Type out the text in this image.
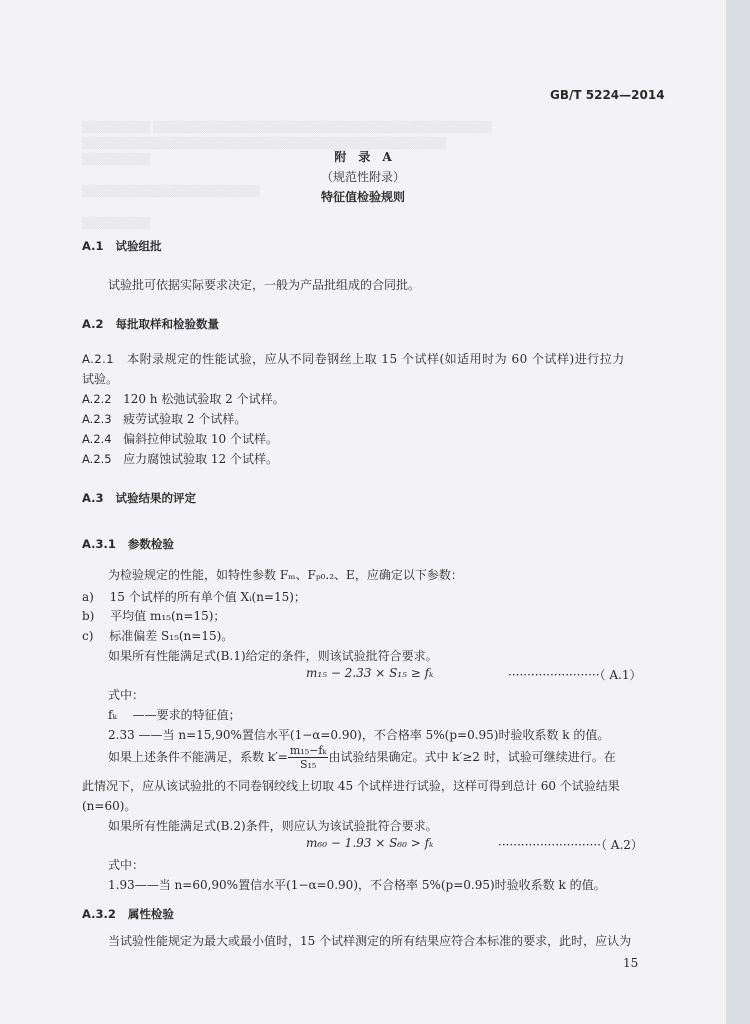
▒▒▒▒▒▒▒▒ ▒▒▒▒▒▒▒▒▒▒▒▒▒▒▒▒▒▒▒▒▒▒▒▒▒▒▒▒▒▒▒▒▒▒▒▒▒▒▒▒
▒▒▒▒▒▒▒▒▒▒▒▒▒▒▒▒▒▒▒▒▒▒▒▒▒▒▒▒▒▒▒▒▒▒▒▒▒▒▒▒▒▒▒
▒▒▒▒▒▒▒▒

▒▒▒▒▒▒▒▒▒▒▒▒▒▒▒▒▒▒▒▒▒

▒▒▒▒▒▒▒▒
GB/T 5224—2014
附　录　A
（规范性附录）
特征值检验规则
A.1 试验组批
试验批可依据实际要求决定，一般为产品批组成的合同批。
A.2 每批取样和检验数量
A.2.1 本附录规定的性能试验，应从不同卷钢丝上取 15 个试样(如适用时为 60 个试样)进行拉力
试验。
A.2.2 120 h 松弛试验取 2 个试样。
A.2.3 疲劳试验取 2 个试样。
A.2.4 偏斜拉伸试验取 10 个试样。
A.2.5 应力腐蚀试验取 12 个试样。
A.3 试验结果的评定
A.3.1 参数检验
为检验规定的性能，如特性参数 Fₘ、Fₚ₀.₂、E，应确定以下参数：
a)　 15 个试样的所有单个值 Xᵢ(n=15)；
b)　 平均值 m₁₅(n=15)；
c)　 标准偏差 S₁₅(n=15)。
如果所有性能满足式(B.1)给定的条件，则该试验批符合要求。
m₁₅ − 2.33 × S₁₅ ≥ fₖ	························（ A.1）
式中：
fₖ 　——要求的特征值；
2.33 ——当 n=15,90%置信水平(1−α=0.90)，不合格率 5%(p=0.95)时验收系数 k 的值。
如果上述条件不能满足，系数 $k'= \frac{\text{m₁₅−fₖ}}{\text{S₁₅}}$ 由试验结果确定。式中 k′≥2 时，试验可继续进行。在
此情况下，应从该试验批的不同卷钢绞线上切取 45 个试样进行试验，这样可得到总计 60 个试验结果
(n=60)。
如果所有性能满足式(B.2)条件，则应认为该试验批符合要求。
m₆₀ − 1.93 × S₆₀ > fₖ	···························（ A.2）
式中：
1.93——当 n=60,90%置信水平(1−α=0.90)，不合格率 5%(p=0.95)时验收系数 k 的值。
A.3.2 属性检验
当试验性能规定为最大或最小值时，15 个试样测定的所有结果应符合本标准的要求，此时，应认为
15
